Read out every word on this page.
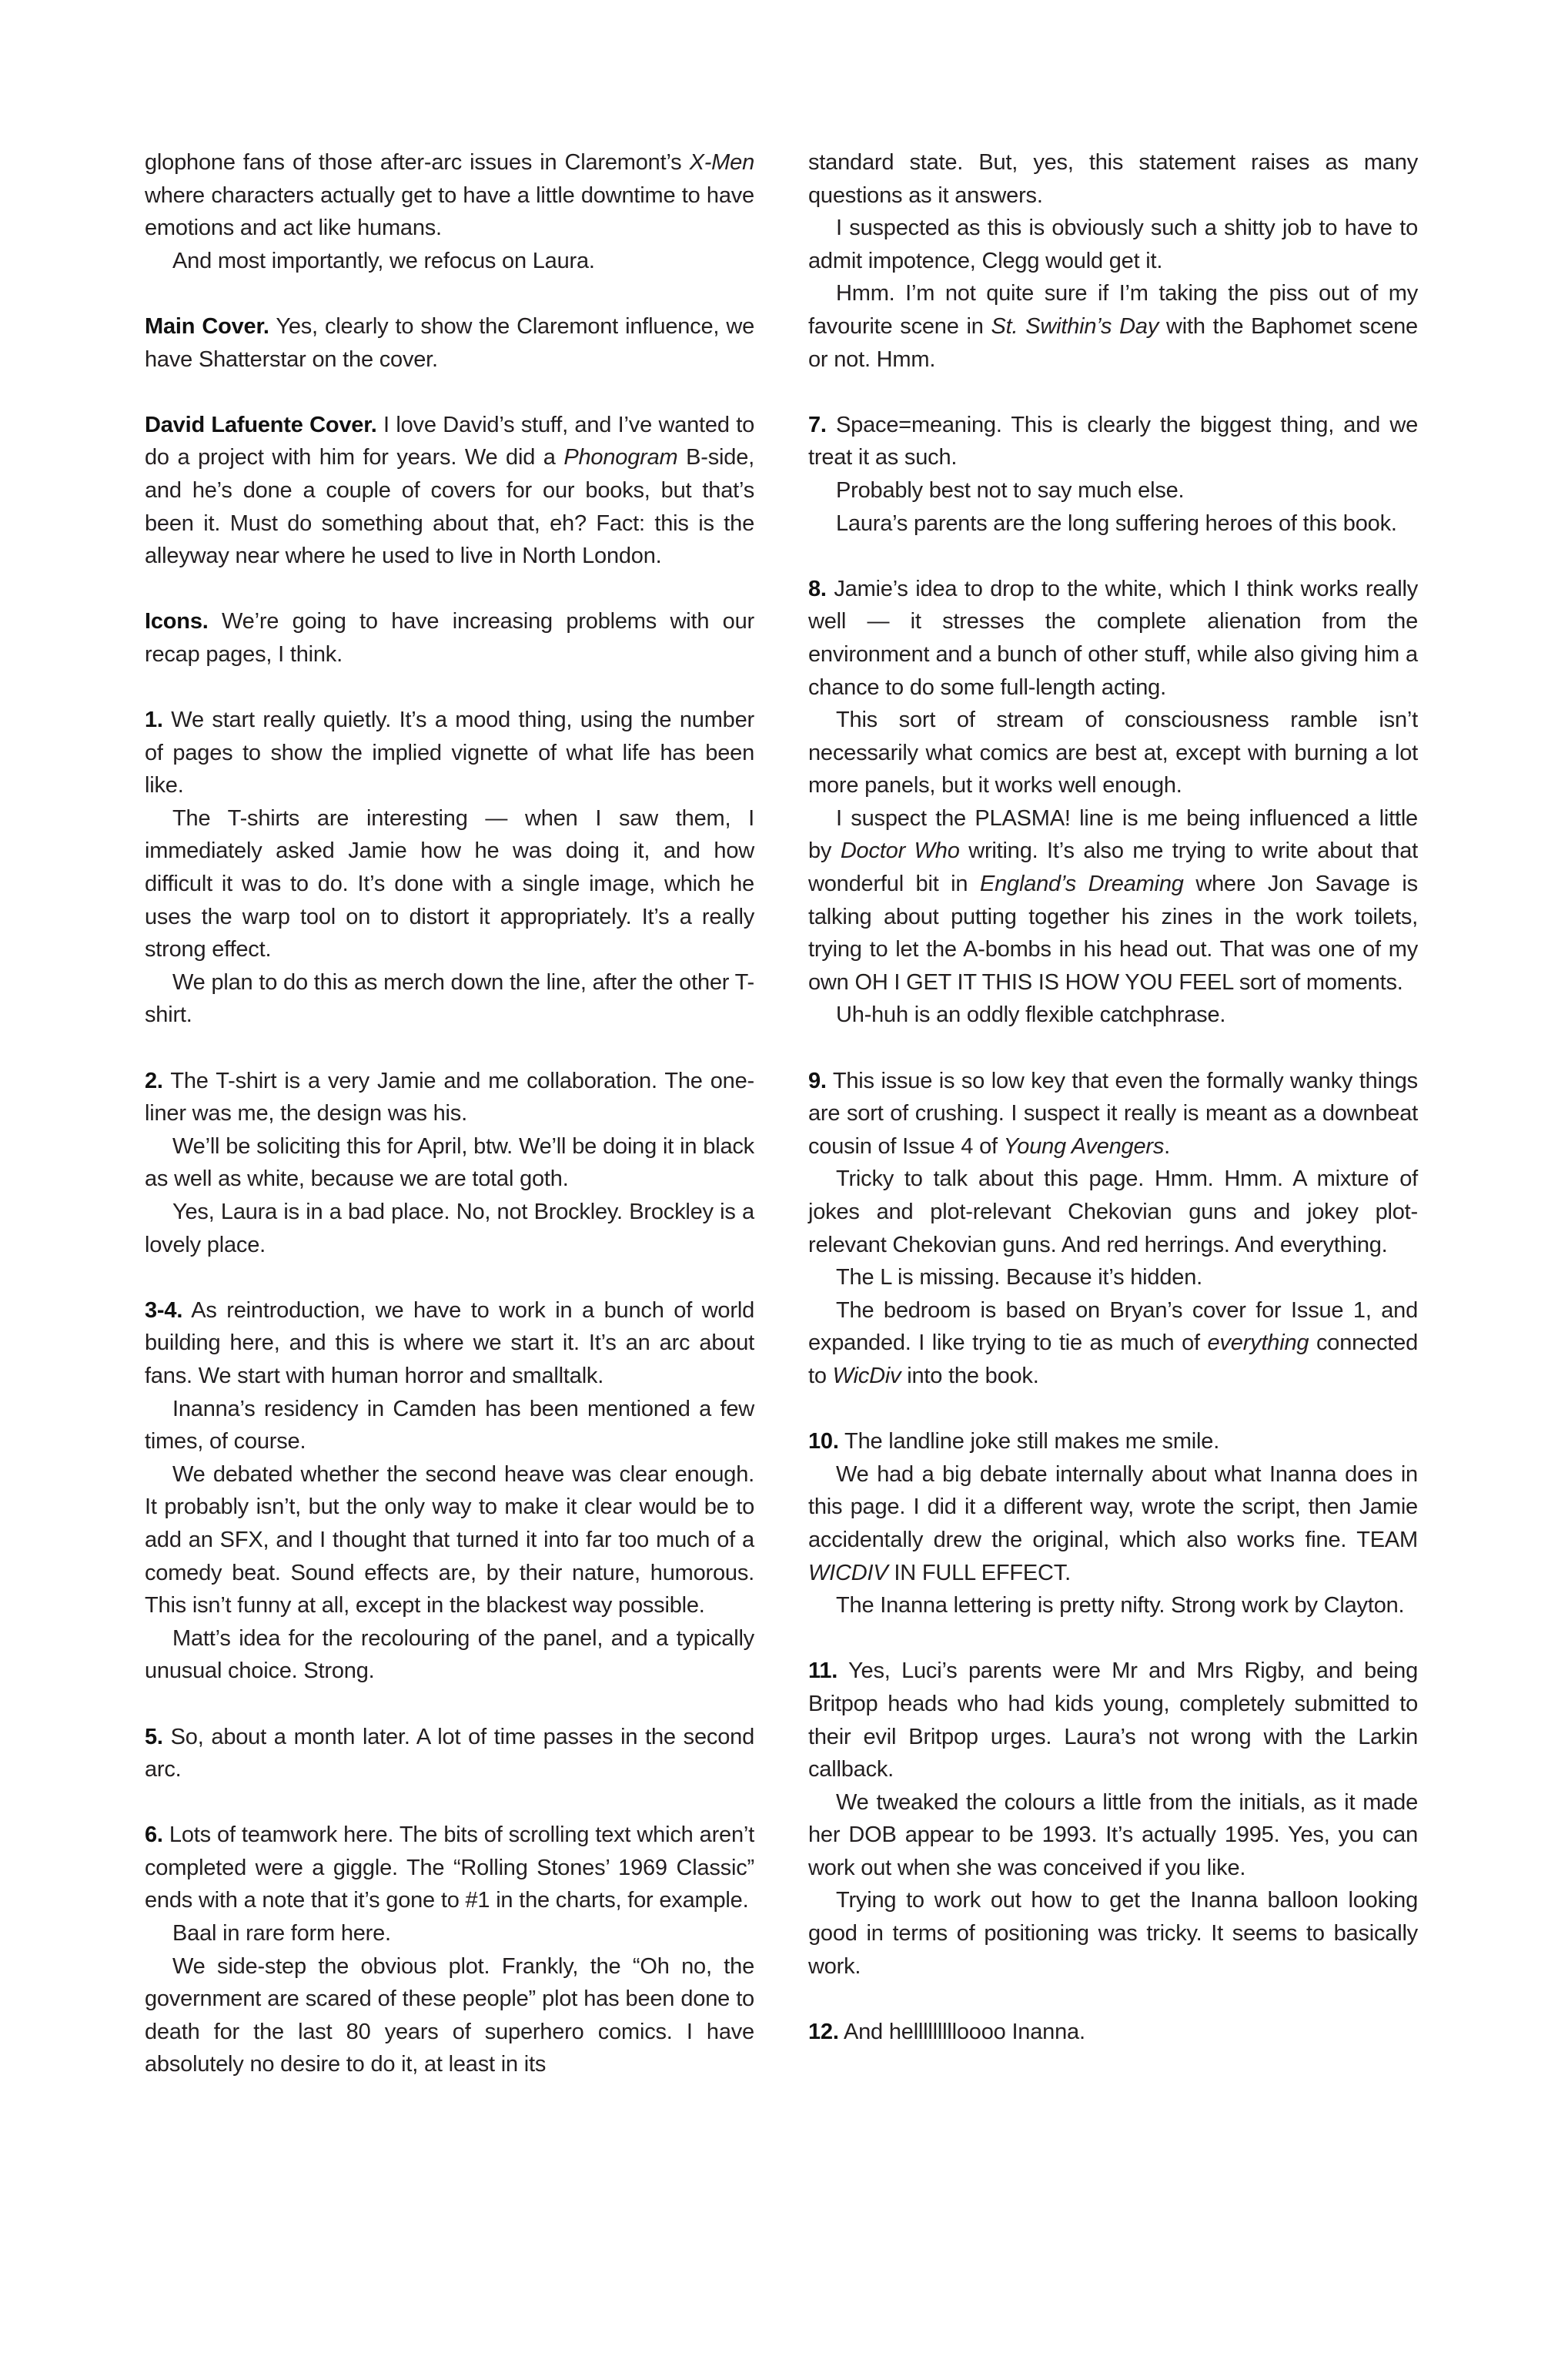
glophone fans of those after-arc issues in Claremont’s X-Men where characters actually get to have a little downtime to have emotions and act like humans.

And most importantly, we refocus on Laura.

Main Cover. Yes, clearly to show the Claremont influence, we have Shatterstar on the cover.

David Lafuente Cover. I love David’s stuff, and I’ve wanted to do a project with him for years. We did a Phonogram B-side, and he’s done a couple of covers for our books, but that’s been it. Must do something about that, eh? Fact: this is the alleyway near where he used to live in North London.

Icons. We’re going to have increasing problems with our recap pages, I think.

1. We start really quietly. It’s a mood thing, using the number of pages to show the implied vignette of what life has been like.

The T-shirts are interesting — when I saw them, I immediately asked Jamie how he was doing it, and how difficult it was to do. It’s done with a single image, which he uses the warp tool on to distort it appropriately. It’s a really strong effect.

We plan to do this as merch down the line, after the other T-shirt.

2. The T-shirt is a very Jamie and me collaboration. The one-liner was me, the design was his.

We’ll be soliciting this for April, btw. We’ll be doing it in black as well as white, because we are total goth.

Yes, Laura is in a bad place. No, not Brockley. Brockley is a lovely place.

3-4. As reintroduction, we have to work in a bunch of world building here, and this is where we start it. It’s an arc about fans. We start with human horror and smalltalk.

Inanna’s residency in Camden has been mentioned a few times, of course.

We debated whether the second heave was clear enough. It probably isn’t, but the only way to make it clear would be to add an SFX, and I thought that turned it into far too much of a comedy beat. Sound effects are, by their nature, humorous. This isn’t funny at all, except in the blackest way possible.

Matt’s idea for the recolouring of the panel, and a typically unusual choice. Strong.

5. So, about a month later. A lot of time passes in the second arc.

6. Lots of teamwork here. The bits of scrolling text which aren’t completed were a giggle. The “Rolling Stones’ 1969 Classic” ends with a note that it’s gone to #1 in the charts, for example.

Baal in rare form here.

We side-step the obvious plot. Frankly, the “Oh no, the government are scared of these people” plot has been done to death for the last 80 years of superhero comics. I have absolutely no desire to do it, at least in its

standard state. But, yes, this statement raises as many questions as it answers.

I suspected as this is obviously such a shitty job to have to admit impotence, Clegg would get it.

Hmm. I’m not quite sure if I’m taking the piss out of my favourite scene in St. Swithin’s Day with the Baphomet scene or not. Hmm.

7. Space=meaning. This is clearly the biggest thing, and we treat it as such.

Probably best not to say much else.

Laura’s parents are the long suffering heroes of this book.

8. Jamie’s idea to drop to the white, which I think works really well — it stresses the complete alienation from the environment and a bunch of other stuff, while also giving him a chance to do some full-length acting.

This sort of stream of consciousness ramble isn’t necessarily what comics are best at, except with burning a lot more panels, but it works well enough.

I suspect the PLASMA! line is me being influenced a little by Doctor Who writing. It’s also me trying to write about that wonderful bit in England’s Dreaming where Jon Savage is talking about putting together his zines in the work toilets, trying to let the A-bombs in his head out. That was one of my own OH I GET IT THIS IS HOW YOU FEEL sort of moments.

Uh-huh is an oddly flexible catchphrase.

9. This issue is so low key that even the formally wanky things are sort of crushing. I suspect it really is meant as a downbeat cousin of Issue 4 of Young Avengers.

Tricky to talk about this page. Hmm. Hmm. A mixture of jokes and plot-relevant Chekovian guns and jokey plot-relevant Chekovian guns. And red herrings. And everything.

The L is missing. Because it’s hidden.

The bedroom is based on Bryan’s cover for Issue 1, and expanded. I like trying to tie as much of everything connected to WicDiv into the book.

10. The landline joke still makes me smile.

We had a big debate internally about what Inanna does in this page. I did it a different way, wrote the script, then Jamie accidentally drew the original, which also works fine. TEAM WICDIV IN FULL EFFECT.

The Inanna lettering is pretty nifty. Strong work by Clayton.

11. Yes, Luci’s parents were Mr and Mrs Rigby, and being Britpop heads who had kids young, completely submitted to their evil Britpop urges. Laura’s not wrong with the Larkin callback.

We tweaked the colours a little from the initials, as it made her DOB appear to be 1993. It’s actually 1995. Yes, you can work out when she was conceived if you like.

Trying to work out how to get the Inanna balloon looking good in terms of positioning was tricky. It seems to basically work.

12. And hellllllllloooo Inanna.
